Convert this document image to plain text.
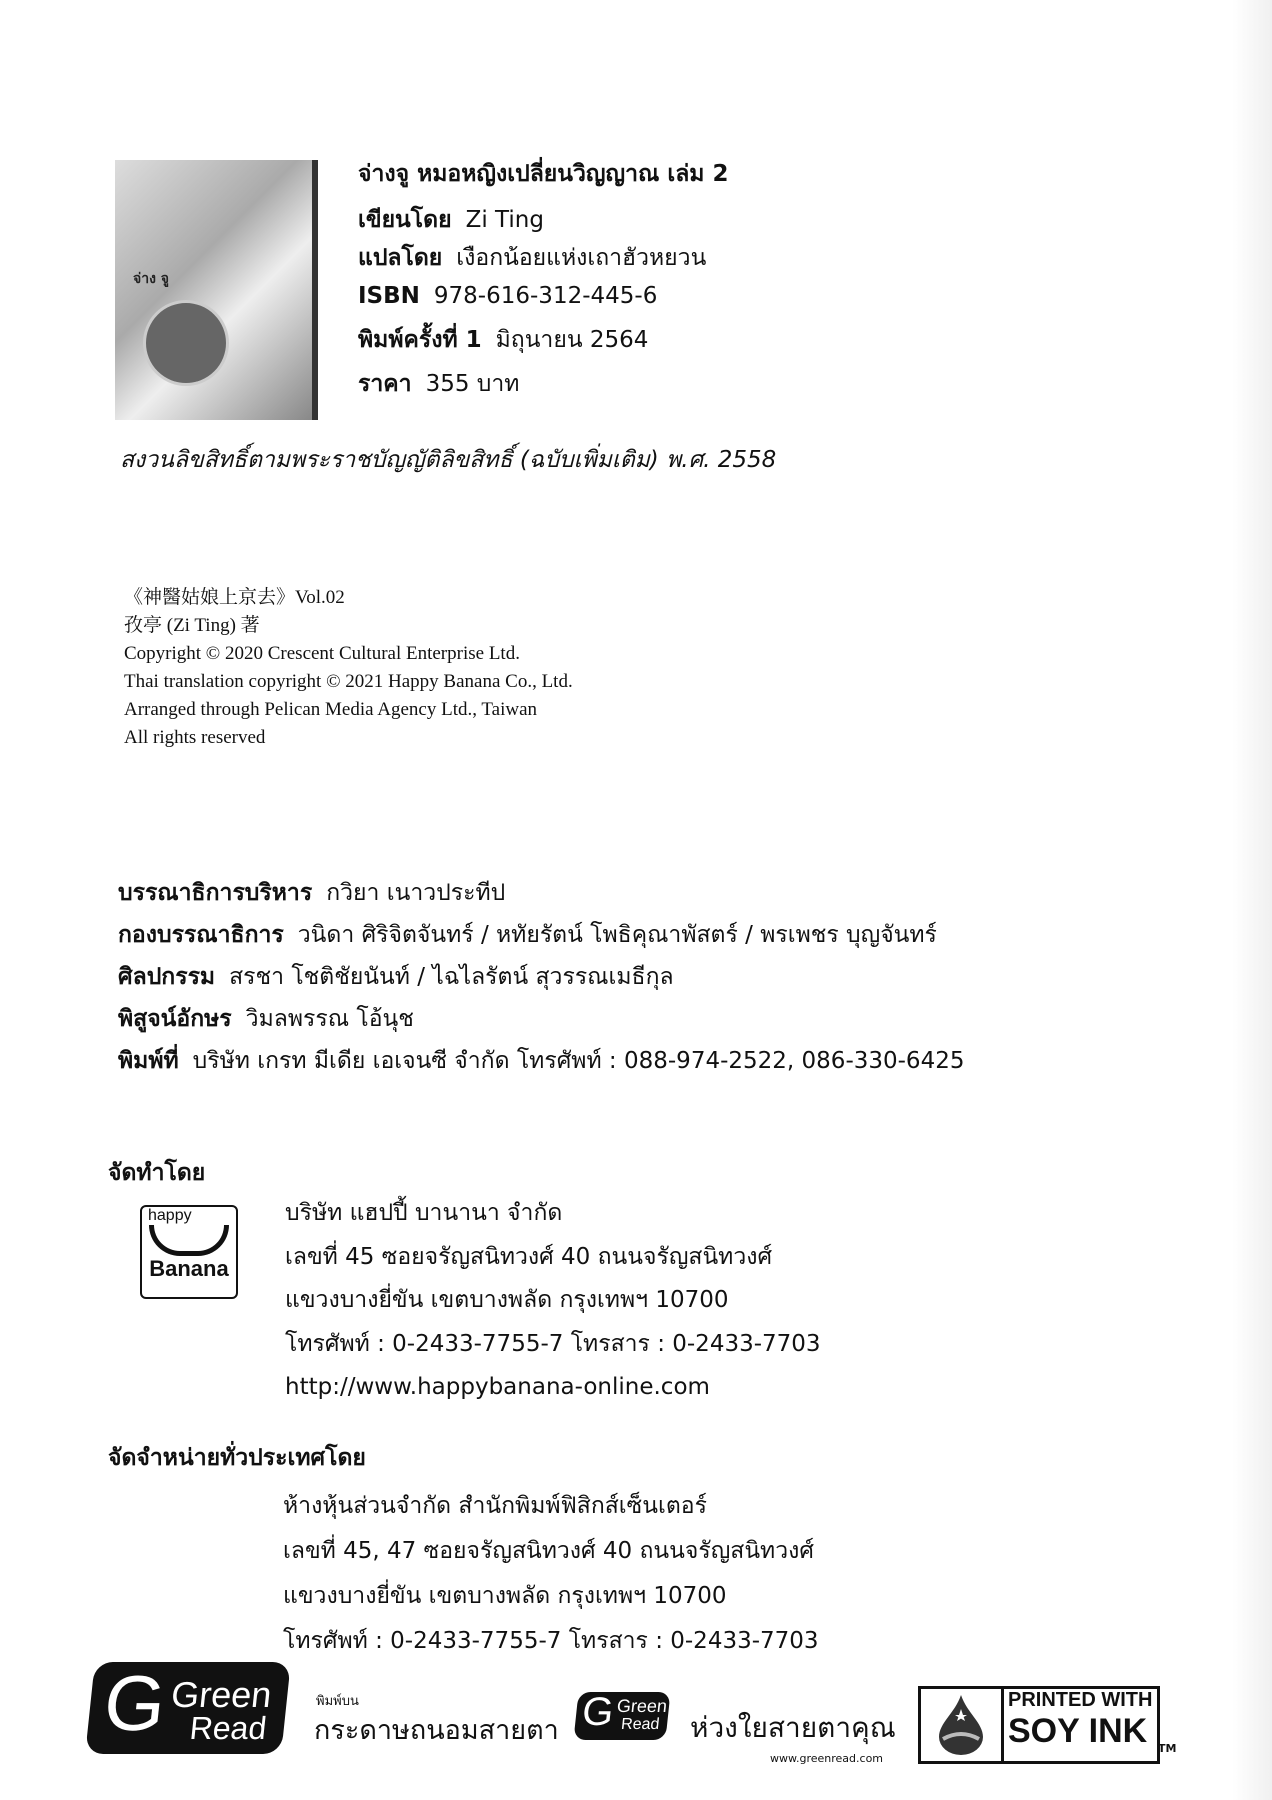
จ่าง จู
จ่างจู หมอหญิงเปลี่ยนวิญญาณ เล่ม 2
เขียนโดย Zi Ting
แปลโดย เงือกน้อยแห่งเถาฮัวหยวน
ISBN 978-616-312-445-6
พิมพ์ครั้งที่ 1 มิถุนายน 2564
ราคา 355 บาท
สงวนลิขสิทธิ์ตามพระราชบัญญัติลิขสิทธิ์ (ฉบับเพิ่มเติม) พ.ศ. 2558
《神醫姑娘上京去》Vol.02
孜亭 (Zi Ting) 著
Copyright © 2020 Crescent Cultural Enterprise Ltd.
Thai translation copyright © 2021 Happy Banana Co., Ltd.
Arranged through Pelican Media Agency Ltd., Taiwan
All rights reserved
บรรณาธิการบริหาร กวิยา เนาวประทีป
กองบรรณาธิการ วนิดา ศิริจิตจันทร์ / หทัยรัตน์ โพธิคุณาพัสตร์ / พรเพชร บุญจันทร์
ศิลปกรรม สรชา โชติชัยนันท์ / ไฉไลรัตน์ สุวรรณเมธีกุล
พิสูจน์อักษร วิมลพรรณ โอ้นุช
พิมพ์ที่ บริษัท เกรท มีเดีย เอเจนซี จำกัด โทรศัพท์ : 088-974-2522, 086-330-6425
จัดทำโดย
happy
Banana
บริษัท แฮปปี้ บานานา จำกัด
เลขที่ 45 ซอยจรัญสนิทวงศ์ 40 ถนนจรัญสนิทวงศ์
แขวงบางยี่ขัน เขตบางพลัด กรุงเทพฯ 10700
โทรศัพท์ : 0-2433-7755-7 โทรสาร : 0-2433-7703
http://www.happybanana-online.com
จัดจำหน่ายทั่วประเทศโดย
ห้างหุ้นส่วนจำกัด สำนักพิมพ์ฟิสิกส์เซ็นเตอร์
เลขที่ 45, 47 ซอยจรัญสนิทวงศ์ 40 ถนนจรัญสนิทวงศ์
แขวงบางยี่ขัน เขตบางพลัด กรุงเทพฯ 10700
โทรศัพท์ : 0-2433-7755-7 โทรสาร : 0-2433-7703
G Green
Read
พิมพ์บน
กระดาษถนอมสายตา G Green
Read ห่วงใยสายตาคุณ
www.greenread.com
PRINTED WITH
SOY INK TM
